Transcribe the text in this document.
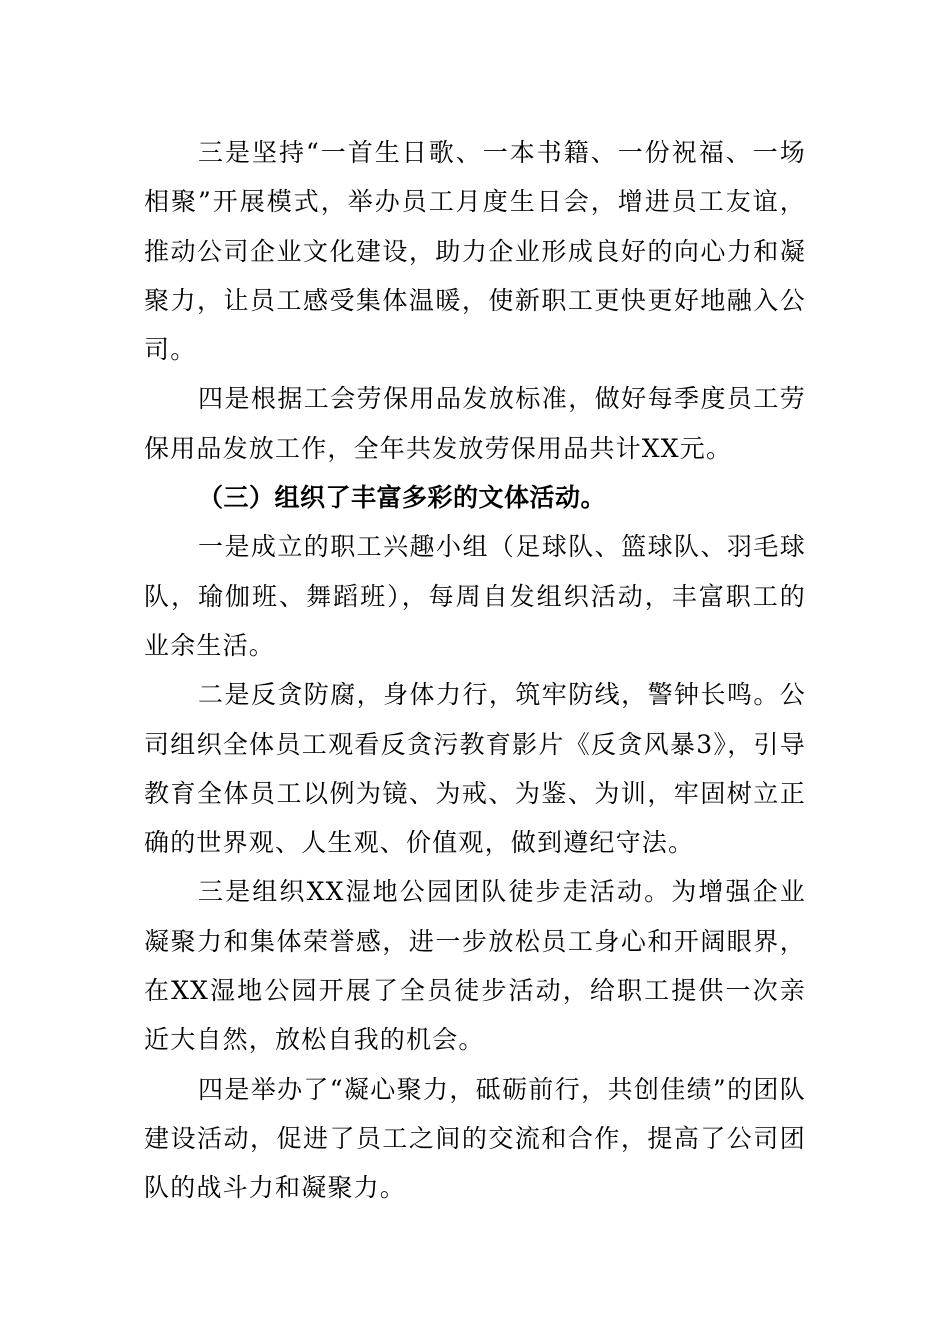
三是坚持“一首生日歌、一本书籍、一份祝福、一场相聚”开展模式，举办员工月度生日会，增进员工友谊，推动公司企业文化建设，助力企业形成良好的向心力和凝聚力，让员工感受集体温暖，使新职工更快更好地融入公司。

四是根据工会劳保用品发放标准，做好每季度员工劳保用品发放工作，全年共发放劳保用品共计XX元。

（三）组织了丰富多彩的文体活动。

一是成立的职工兴趣小组（足球队、篮球队、羽毛球队，瑜伽班、舞蹈班），每周自发组织活动，丰富职工的业余生活。

二是反贪防腐，身体力行，筑牢防线，警钟长鸣。公司组织全体员工观看反贪污教育影片《反贪风暴3》，引导教育全体员工以例为镜、为戒、为鉴、为训，牢固树立正确的世界观、人生观、价值观，做到遵纪守法。

三是组织XX湿地公园团队徒步走活动。为增强企业凝聚力和集体荣誉感，进一步放松员工身心和开阔眼界，在XX湿地公园开展了全员徒步活动，给职工提供一次亲近大自然，放松自我的机会。

四是举办了“凝心聚力，砥砺前行，共创佳绩”的团队建设活动，促进了员工之间的交流和合作，提高了公司团队的战斗力和凝聚力。
